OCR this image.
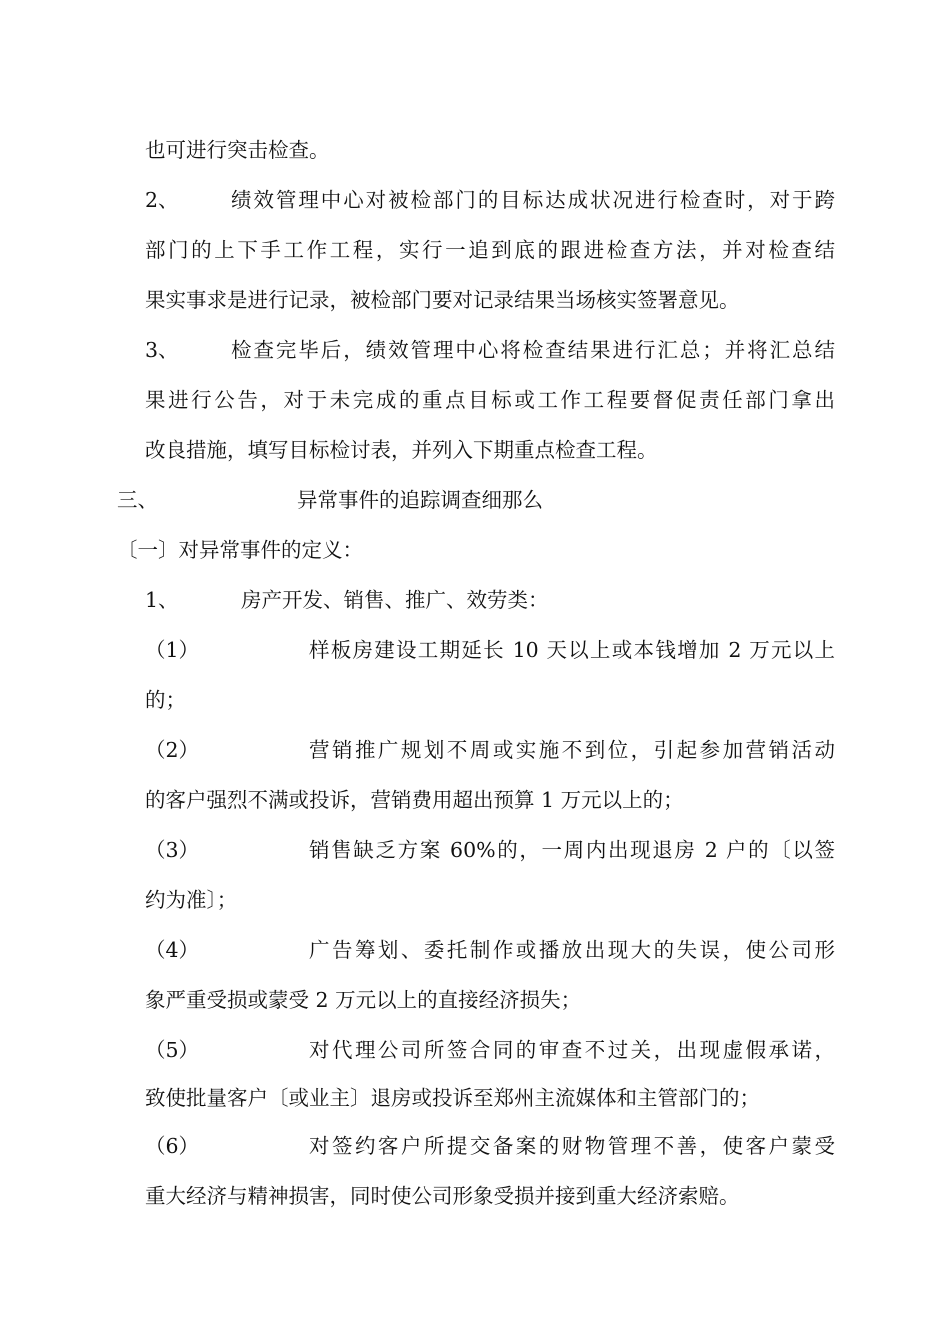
也可进行突击检查。
2、	绩效管理中心对被检部门的目标达成状况进行检查时，对于跨
部门的上下手工作工程，实行一追到底的跟进检查方法，并对检查结
果实事求是进行记录，被检部门要对记录结果当场核实签署意见。
3、	检查完毕后，绩效管理中心将检查结果进行汇总；并将汇总结
果进行公告，对于未完成的重点目标或工作工程要督促责任部门拿出
改良措施，填写目标检讨表，并列入下期重点检查工程。
三、	异常事件的追踪调查细那么
〔一〕对异常事件的定义：
1、	房产开发、销售、推广、效劳类：
（1）	样板房建设工期延长 10 天以上或本钱增加 2 万元以上
的；
（2）	营销推广规划不周或实施不到位，引起参加营销活动
的客户强烈不满或投诉，营销费用超出预算 1 万元以上的；
（3）	销售缺乏方案 60%的，一周内出现退房 2 户的〔以签
约为准〕；
（4）	广告筹划、委托制作或播放出现大的失误，使公司形
象严重受损或蒙受 2 万元以上的直接经济损失；
（5）	对代理公司所签合同的审查不过关，出现虚假承诺，
致使批量客户〔或业主〕退房或投诉至郑州主流媒体和主管部门的；
（6）	对签约客户所提交备案的财物管理不善，使客户蒙受
重大经济与精神损害，同时使公司形象受损并接到重大经济索赔。
